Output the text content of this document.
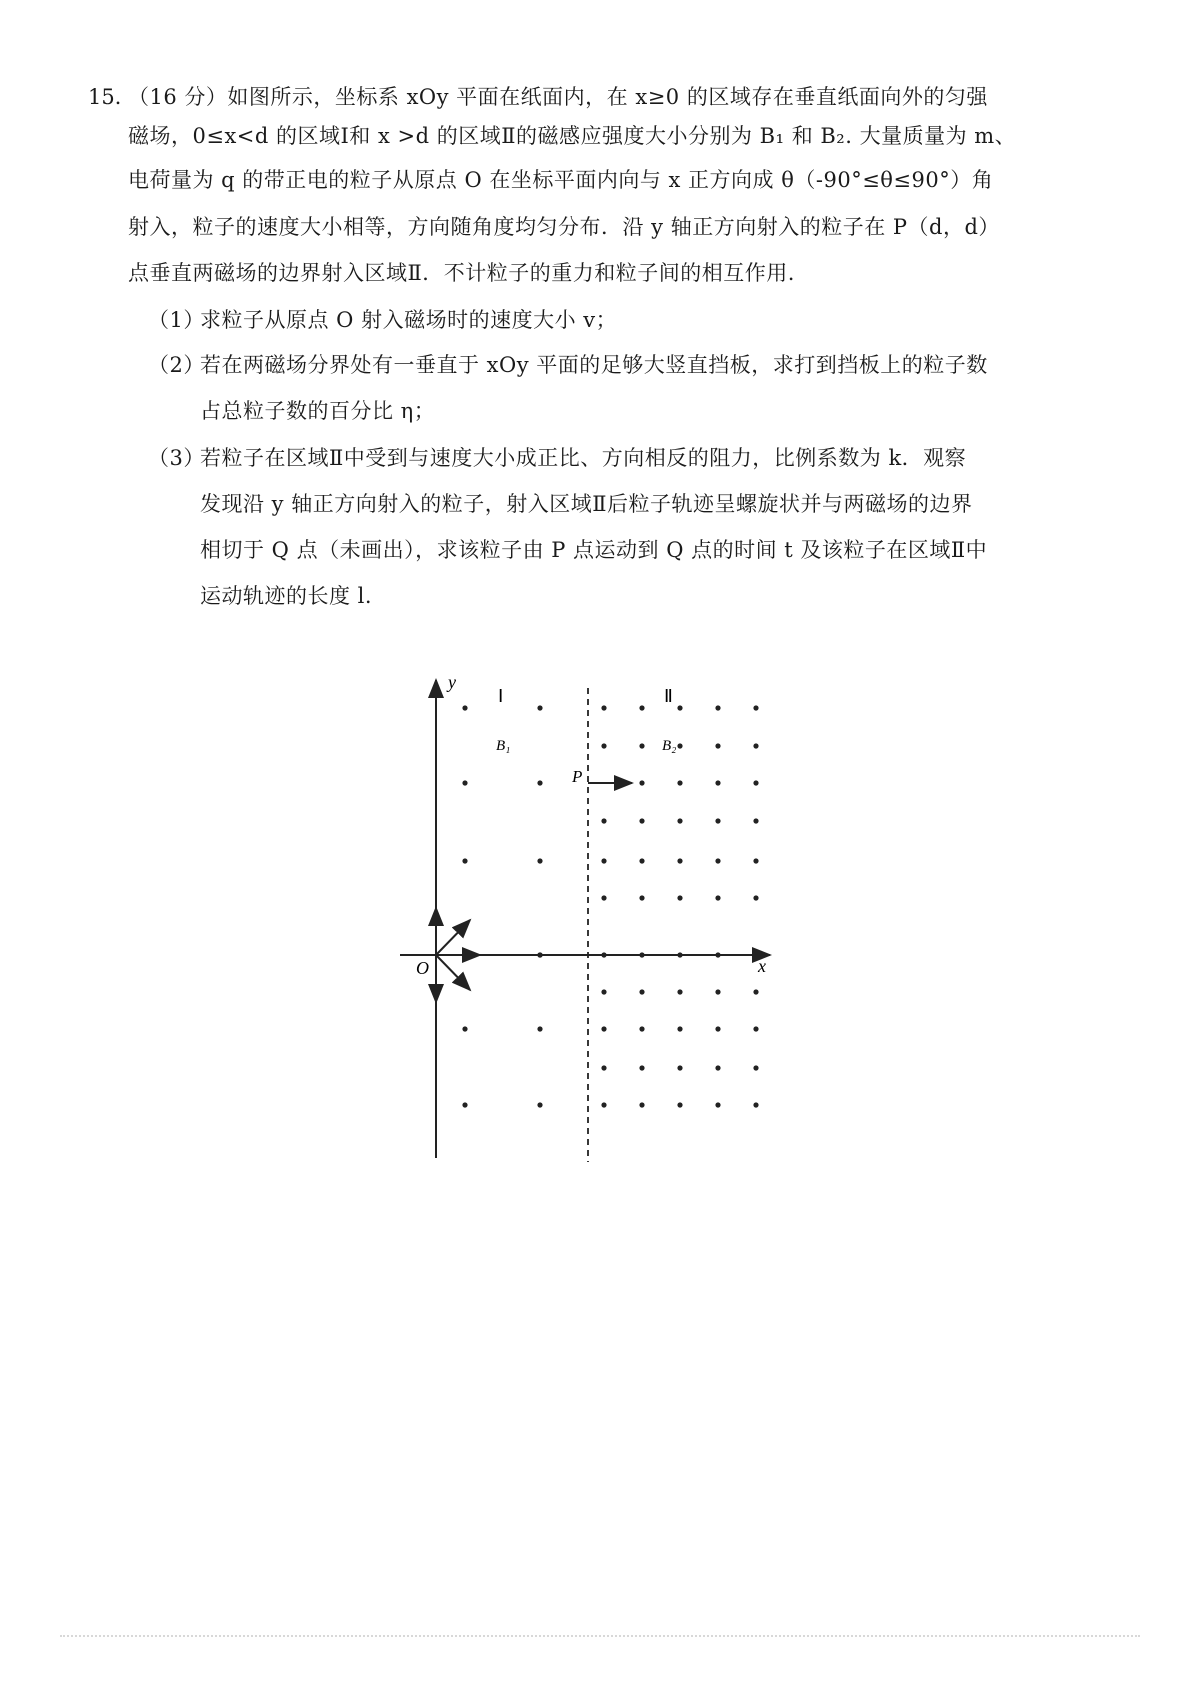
15．
（16 分）如图所示，坐标系 xOy 平面在纸面内，在 x≥0 的区域存在垂直纸面向外的匀强
磁场，0≤x<d 的区域Ⅰ和 x >d 的区域Ⅱ的磁感应强度大小分别为 B₁ 和 B₂. 大量质量为 m、
电荷量为 q 的带正电的粒子从原点 O 在坐标平面内向与 x 正方向成 θ（-90°≤θ≤90°）角
射入，粒子的速度大小相等，方向随角度均匀分布．沿 y 轴正方向射入的粒子在 P（d，d）
点垂直两磁场的边界射入区域Ⅱ．不计粒子的重力和粒子间的相互作用.
（1）
求粒子从原点 O 射入磁场时的速度大小 v；
（2）
若在两磁场分界处有一垂直于 xOy 平面的足够大竖直挡板，求打到挡板上的粒子数
占总粒子数的百分比 η；
（3）
若粒子在区域Ⅱ中受到与速度大小成正比、方向相反的阻力，比例系数为 k．观察
发现沿 y 轴正方向射入的粒子，射入区域Ⅱ后粒子轨迹呈螺旋状并与两磁场的边界
相切于 Q 点（未画出），求该粒子由 P 点运动到 Q 点的时间 t 及该粒子在区域Ⅱ中
运动轨迹的长度 l.
y
x
O
Ⅰ	Ⅱ
B₁	B₂
P
